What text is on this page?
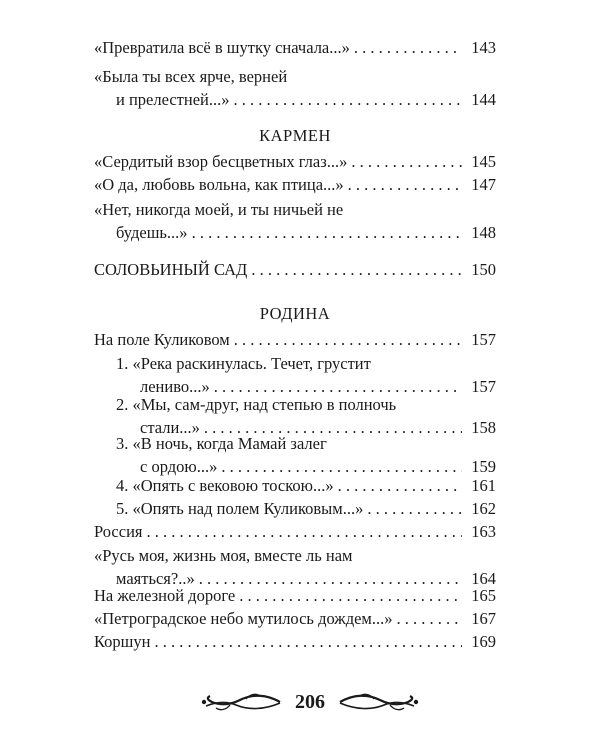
«Превратила всё в шутку сначала...» . . .	143
«Была ты всех ярче, верней
и прелестней...» . . .	144
КАРМЕН
«Сердитый взор бесцветных глаз...» . . .	145
«О да, любовь вольна, как птица...» . . .	147
«Нет, никогда моей, и ты ничьей не
будешь...» . . .	148
СОЛОВЬИНЫЙ САД . . .	150
РОДИНА
На поле Куликовом . . .	157
1. «Река раскинулась. Течет, грустит
лениво...» . . .	157
2. «Мы, сам-друг, над степью в полночь
стали...» . . .	158
3. «В ночь, когда Мамай залег
с ордою...» . . .	159
4. «Опять с вековою тоскою...» . . .	161
5. «Опять над полем Куликовым...» . . .	162
Россия . . .	163
«Русь моя, жизнь моя, вместе ль нам
маяться?..» . . .	164
На железной дороге . . .	165
«Петроградское небо мутилось дождем...» . . .	167
Коршун . . .	169
206
